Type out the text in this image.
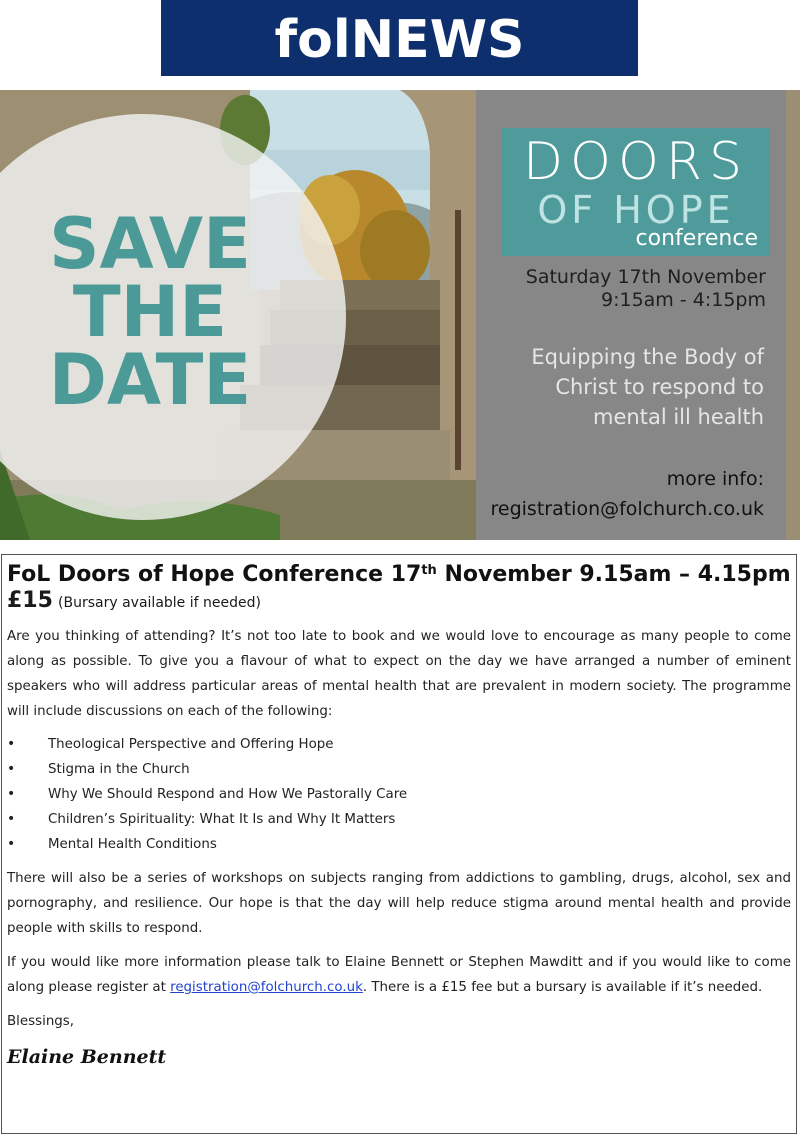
folNEWS
SAVE
THE
DATE
DOORS
OF HOPE
conference
Saturday 17th November
9:15am - 4:15pm
Equipping the Body of
Christ to respond to
mental ill health
more info:
registration@folchurch.co.uk
FoL Doors of Hope Conference 17th November 9.15am – 4.15pm
£15 (Bursary available if needed)

Are you thinking of attending? It’s not too late to book and we would love to encourage as many people to come along as possible. To give you a flavour of what to expect on the day we have arranged a number of eminent speakers who will address particular areas of mental health that are prevalent in modern society. The programme will include discussions on each of the following:

• Theological Perspective and Offering Hope
• Stigma in the Church
• Why We Should Respond and How We Pastorally Care
• Children’s Spirituality: What It Is and Why It Matters
• Mental Health Conditions

There will also be a series of workshops on subjects ranging from addictions to gambling, drugs, alcohol, sex and pornography, and resilience. Our hope is that the day will help reduce stigma around mental health and provide people with skills to respond.

If you would like more information please talk to Elaine Bennett or Stephen Mawditt and if you would like to come along please register at registration@folchurch.co.uk. There is a £15 fee but a bursary is available if it’s needed.

Blessings,

Elaine Bennett
